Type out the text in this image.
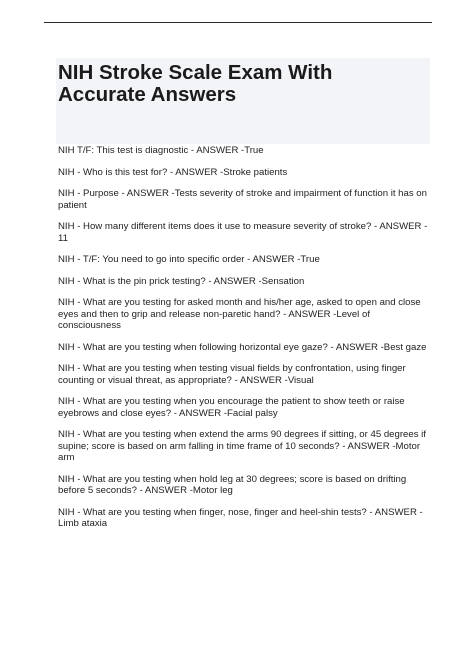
NIH Stroke Scale Exam With Accurate Answers
NIH T/F: This test is diagnostic - ANSWER -True
NIH - Who is this test for? - ANSWER -Stroke patients
NIH - Purpose - ANSWER -Tests severity of stroke and impairment of function it has on patient
NIH - How many different items does it use to measure severity of stroke? - ANSWER - 11
NIH - T/F: You need to go into specific order - ANSWER -True
NIH - What is the pin prick testing? - ANSWER -Sensation
NIH - What are you testing for asked month and his/her age, asked to open and close eyes and then to grip and release non-paretic hand? - ANSWER -Level of consciousness
NIH - What are you testing when following horizontal eye gaze? - ANSWER -Best gaze
NIH - What are you testing when testing visual fields by confrontation, using finger counting or visual threat, as appropriate? - ANSWER -Visual
NIH - What are you testing when you encourage the patient to show teeth or raise eyebrows and close eyes? - ANSWER -Facial palsy
NIH - What are you testing when extend the arms 90 degrees if sitting, or 45 degrees if supine; score is based on arm falling in time frame of 10 seconds? - ANSWER -Motor arm
NIH - What are you testing when hold leg at 30 degrees; score is based on drifting before 5 seconds? - ANSWER -Motor leg
NIH - What are you testing when finger, nose, finger and heel-shin tests? - ANSWER - Limb ataxia
